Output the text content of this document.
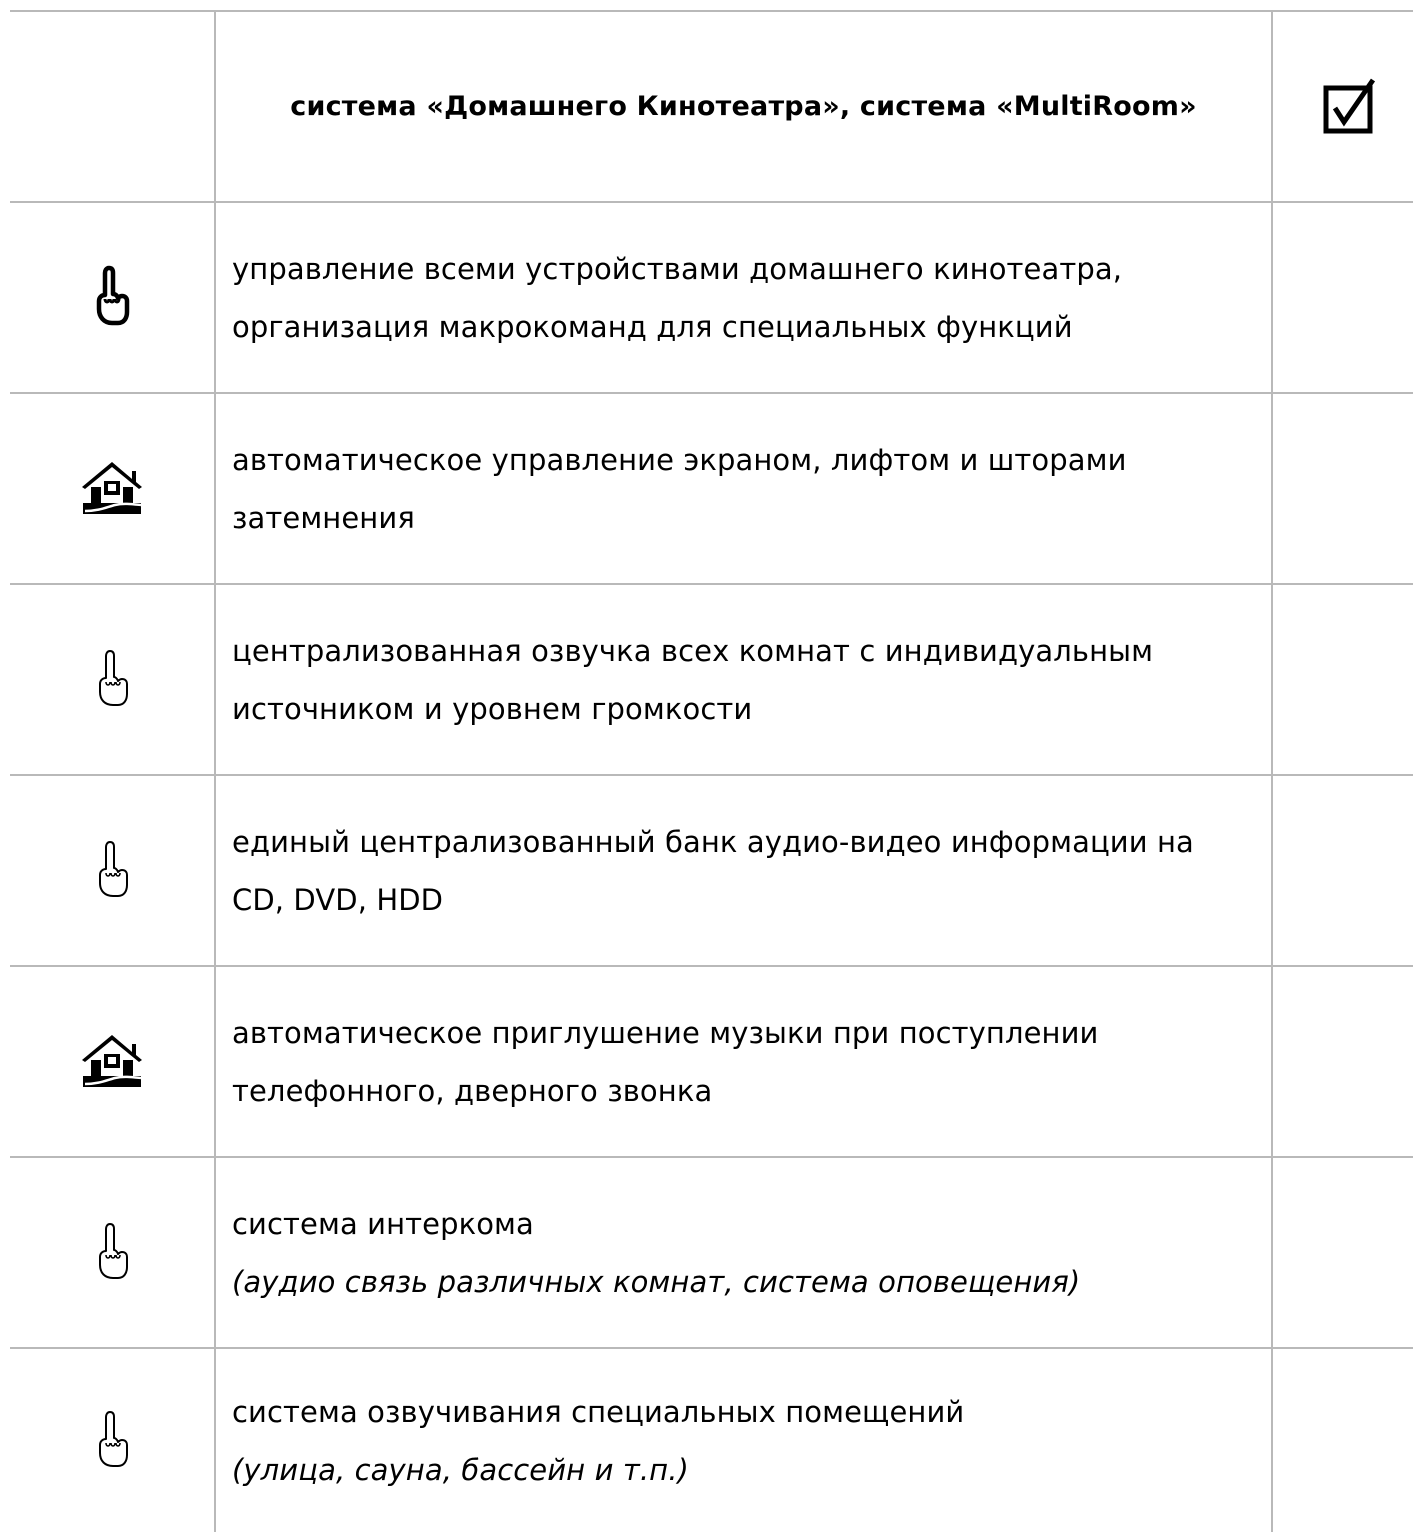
	система «Домашнего Кинотеатра», система «MultiRoom»

управление всеми устройствами домашнего кинотеатра,
организация макрокоманд для специальных функций	

автоматическое управление экраном, лифтом и шторами
затемнения	

централизованная озвучка всех комнат с индивидуальным
источником и уровнем громкости	

единый централизованный банк аудио-видео информации на
CD, DVD, HDD	

автоматическое приглушение музыки при поступлении
телефонного, дверного звонка	

система интеркома
(аудио связь различных комнат, система оповещения)	

система озвучивания специальных помещений
(улица, сауна, бассейн и т.п.)	
